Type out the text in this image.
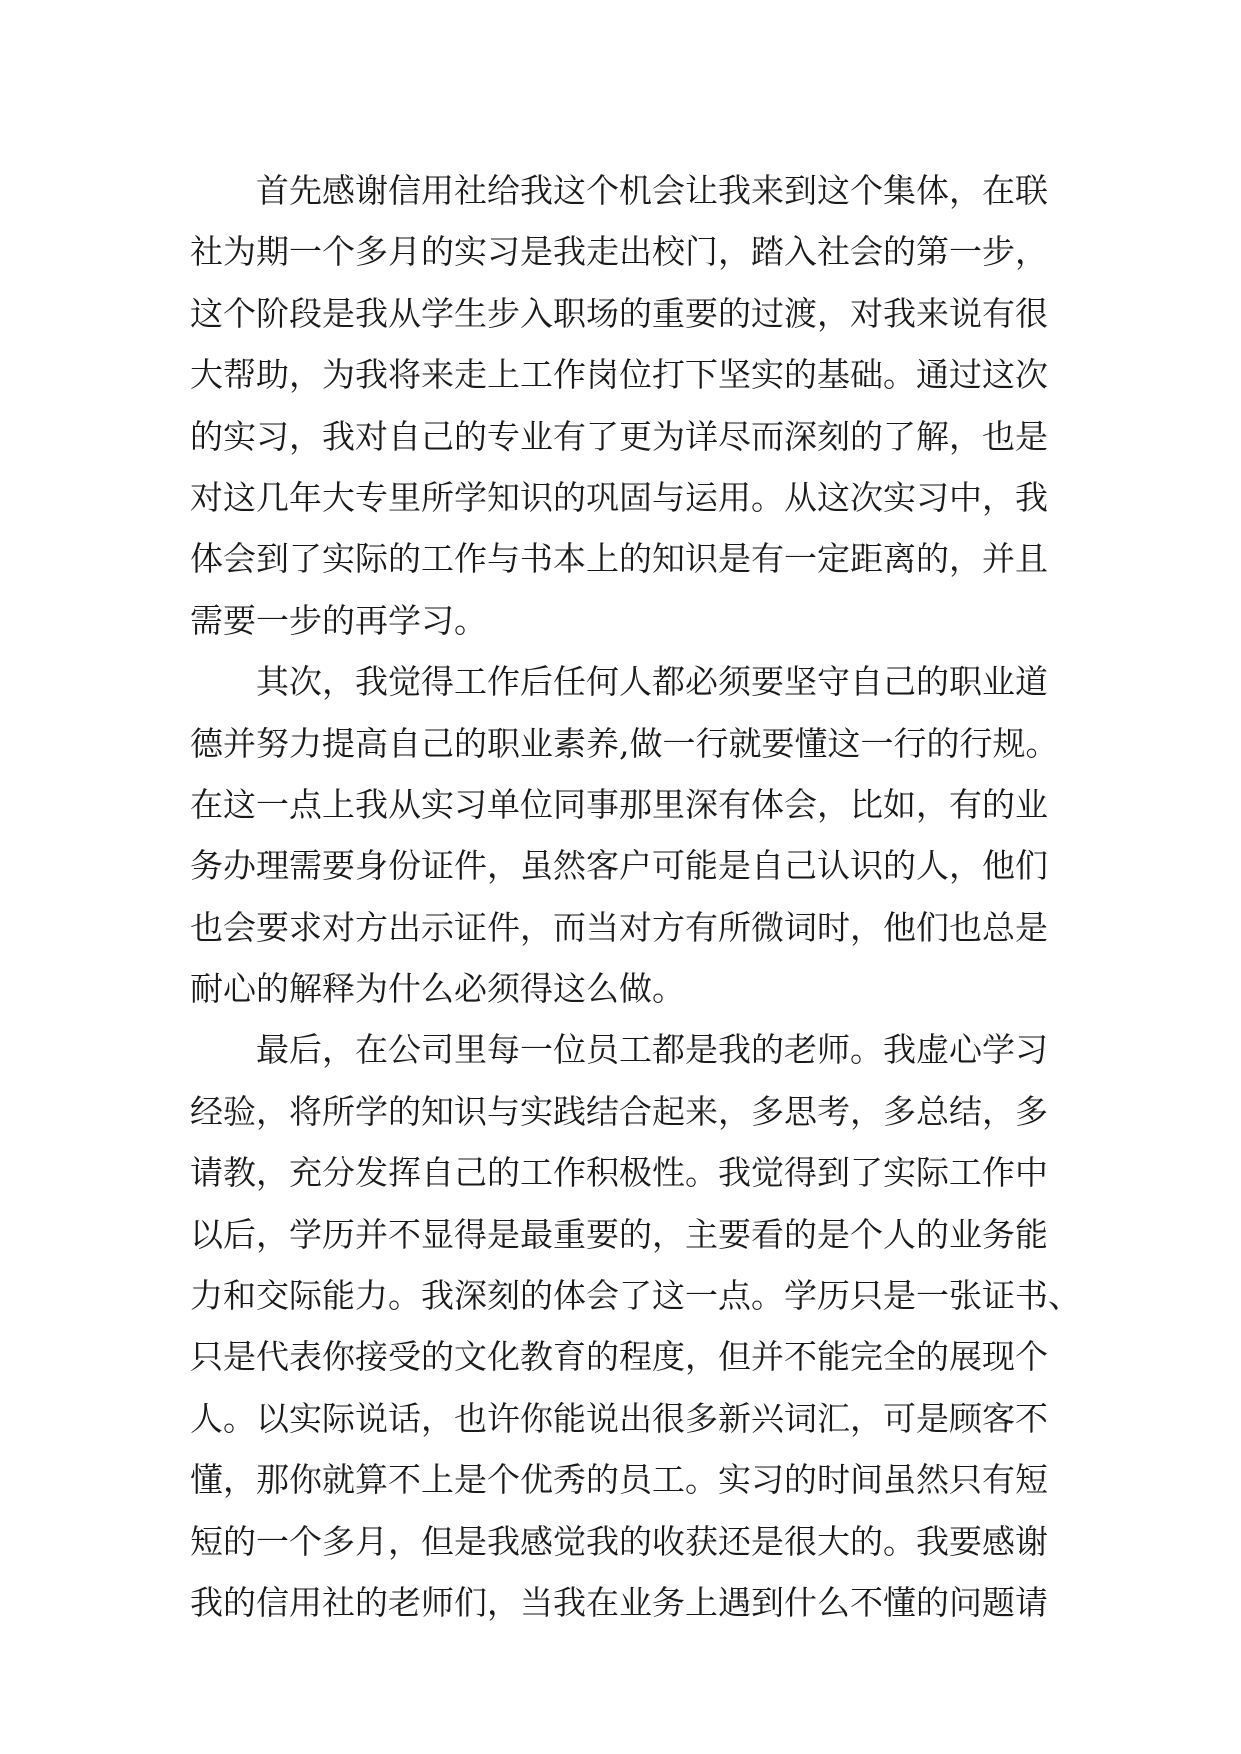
　　首先感谢信用社给我这个机会让我来到这个集体，在联
社为期一个多月的实习是我走出校门，踏入社会的第一步，
这个阶段是我从学生步入职场的重要的过渡，对我来说有很
大帮助，为我将来走上工作岗位打下坚实的基础。通过这次
的实习，我对自己的专业有了更为详尽而深刻的了解，也是
对这几年大专里所学知识的巩固与运用。从这次实习中，我
体会到了实际的工作与书本上的知识是有一定距离的，并且
需要一步的再学习。
　　其次，我觉得工作后任何人都必须要坚守自己的职业道
德并努力提高自己的职业素养,做一行就要懂这一行的行规。
在这一点上我从实习单位同事那里深有体会，比如，有的业
务办理需要身份证件，虽然客户可能是自己认识的人，他们
也会要求对方出示证件，而当对方有所微词时，他们也总是
耐心的解释为什么必须得这么做。
　　最后，在公司里每一位员工都是我的老师。我虚心学习
经验，将所学的知识与实践结合起来，多思考，多总结，多
请教，充分发挥自己的工作积极性。我觉得到了实际工作中
以后，学历并不显得是最重要的，主要看的是个人的业务能
力和交际能力。我深刻的体会了这一点。学历只是一张证书、
只是代表你接受的文化教育的程度，但并不能完全的展现个
人。以实际说话，也许你能说出很多新兴词汇，可是顾客不
懂，那你就算不上是个优秀的员工。实习的时间虽然只有短
短的一个多月，但是我感觉我的收获还是很大的。我要感谢
我的信用社的老师们，当我在业务上遇到什么不懂的问题请
